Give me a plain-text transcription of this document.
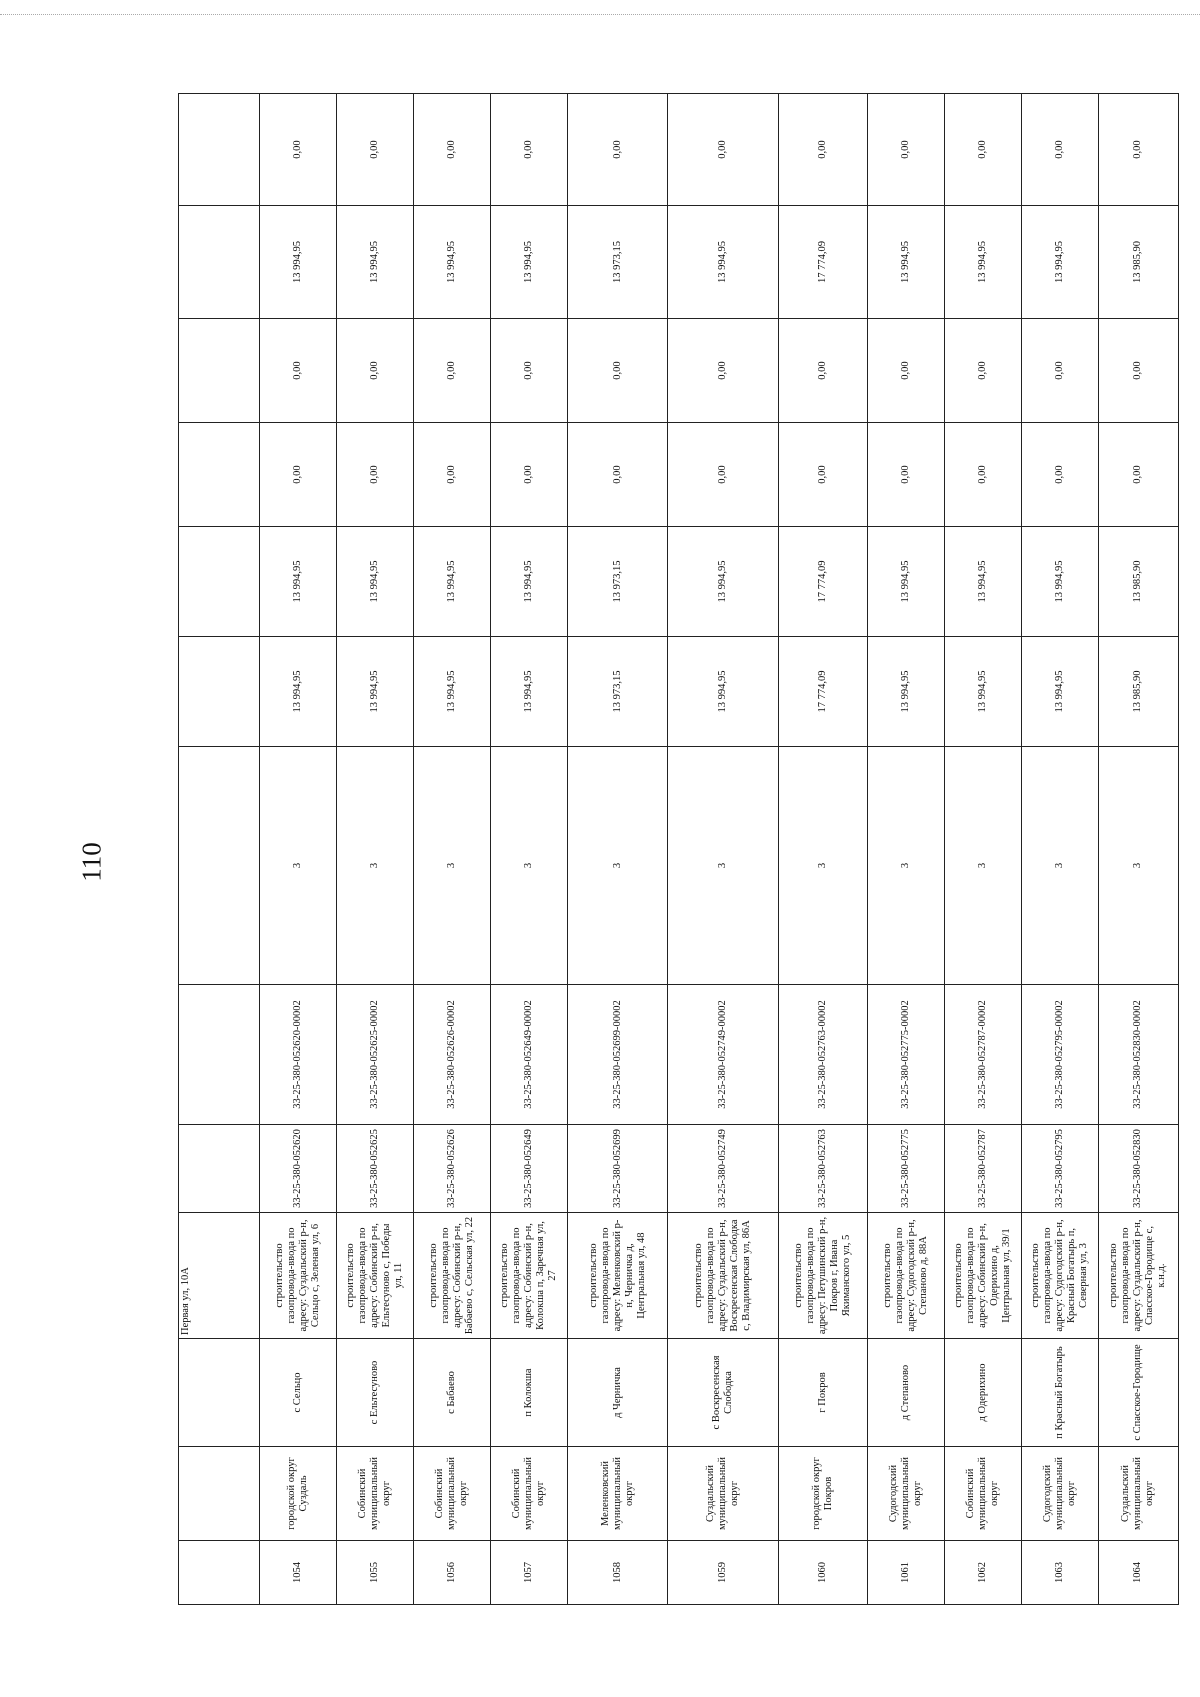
110
			Первая ул, 10А									
1054	городской округ Суздаль	с Сельцо	строительство газопровода-ввода по адресу: Суздальский р-н, Сельцо с, Зеленая ул, 6	33-25-380-052620	33-25-380-052620-00002	3	13 994,95	13 994,95	0,00	0,00	13 994,95	0,00
1055	Собинский муниципальный округ	с Ельтесуново	строительство газопровода-ввода по адресу: Собинский р-н, Ельтесуново с, Победы ул, 11	33-25-380-052625	33-25-380-052625-00002	3	13 994,95	13 994,95	0,00	0,00	13 994,95	0,00
1056	Собинский муниципальный округ	с Бабаево	строительство газопровода-ввода по адресу: Собинский р-н, Бабаево с, Сельская ул, 22	33-25-380-052626	33-25-380-052626-00002	3	13 994,95	13 994,95	0,00	0,00	13 994,95	0,00
1057	Собинский муниципальный округ	п Колокша	строительство газопровода-ввода по адресу: Собинский р-н, Колокша п, Заречная ул, 27	33-25-380-052649	33-25-380-052649-00002	3	13 994,95	13 994,95	0,00	0,00	13 994,95	0,00
1058	Меленковский муниципальный округ	д Черничка	строительство газопровода-ввода по адресу: Меленковский р-н, Черничка д, Центральная ул, 48	33-25-380-052699	33-25-380-052699-00002	3	13 973,15	13 973,15	0,00	0,00	13 973,15	0,00
1059	Суздальский муниципальный округ	с Воскресенская Слободка	строительство газопровода-ввода по адресу: Суздальский р-н, Воскресенская Слободка с, Владимирская ул, 86А	33-25-380-052749	33-25-380-052749-00002	3	13 994,95	13 994,95	0,00	0,00	13 994,95	0,00
1060	городской округ Покров	г Покров	строительство газопровода-ввода по адресу: Петушинский р-н, Покров г, Ивана Якиманского ул, 5	33-25-380-052763	33-25-380-052763-00002	3	17 774,09	17 774,09	0,00	0,00	17 774,09	0,00
1061	Судогодский муниципальный округ	д Степаново	строительство газопровода-ввода по адресу: Судогодский р-н, Степаново д, 88А	33-25-380-052775	33-25-380-052775-00002	3	13 994,95	13 994,95	0,00	0,00	13 994,95	0,00
1062	Собинский муниципальный округ	д Одерихино	строительство газопровода-ввода по адресу: Собинский р-н, Одерихино д, Центральная ул, 39/1	33-25-380-052787	33-25-380-052787-00002	3	13 994,95	13 994,95	0,00	0,00	13 994,95	0,00
1063	Судогодский муниципальный округ	п Красный Богатырь	строительство газопровода-ввода по адресу: Судогодский р-н, Красный Богатырь п, Северная ул, 3	33-25-380-052795	33-25-380-052795-00002	3	13 994,95	13 994,95	0,00	0,00	13 994,95	0,00
1064	Суздальский муниципальный округ	с Спасское-Городище	строительство газопровода-ввода по адресу: Суздальский р-н, Спасское-Городище с, к.н.д.	33-25-380-052830	33-25-380-052830-00002	3	13 985,90	13 985,90	0,00	0,00	13 985,90	0,00
